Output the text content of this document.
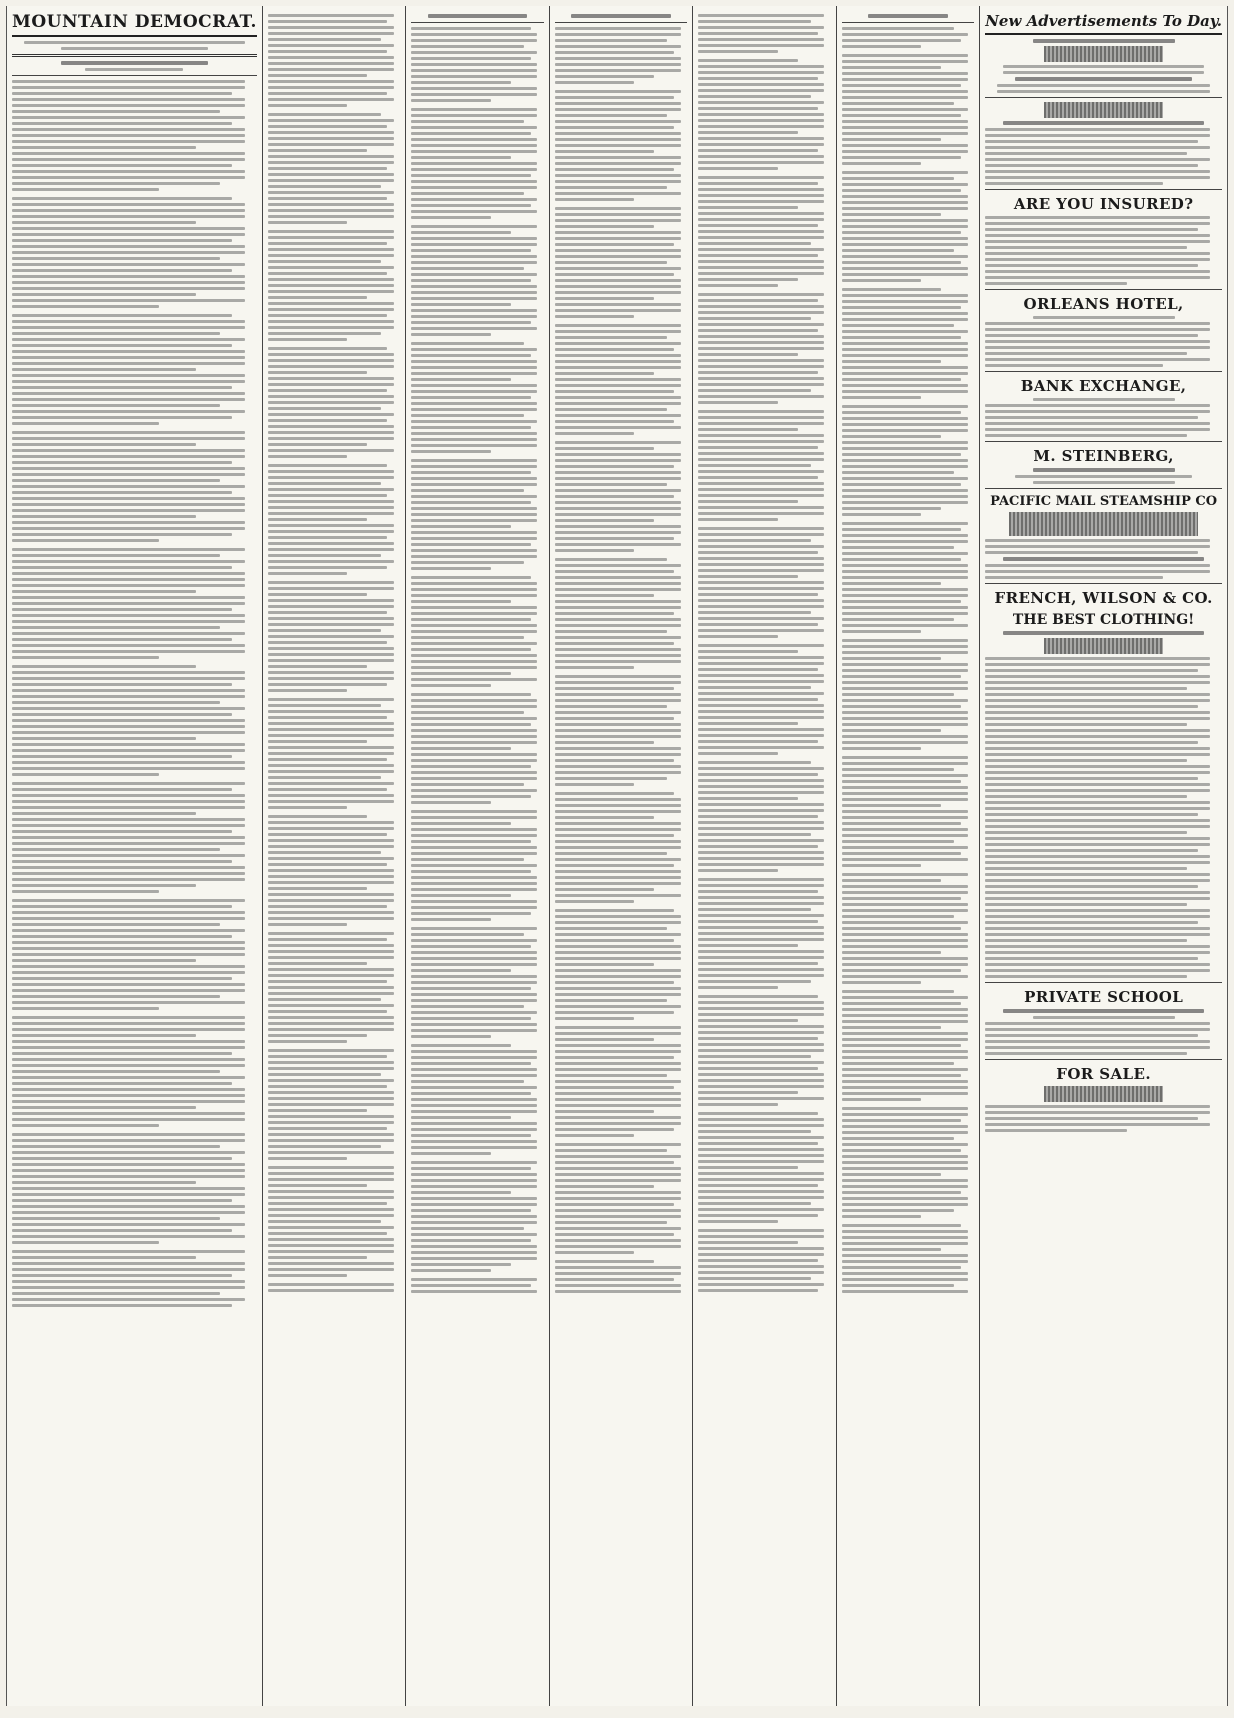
MOUNTAIN DEMOCRAT.	New Advertisements To Day.
ARE YOU INSURED?
ORLEANS HOTEL,
BANK EXCHANGE,
M. STEINBERG,
PACIFIC MAIL STEAMSHIP CO
FRENCH, WILSON & CO.
THE BEST CLOTHING!
PRIVATE SCHOOL
FOR SALE.
